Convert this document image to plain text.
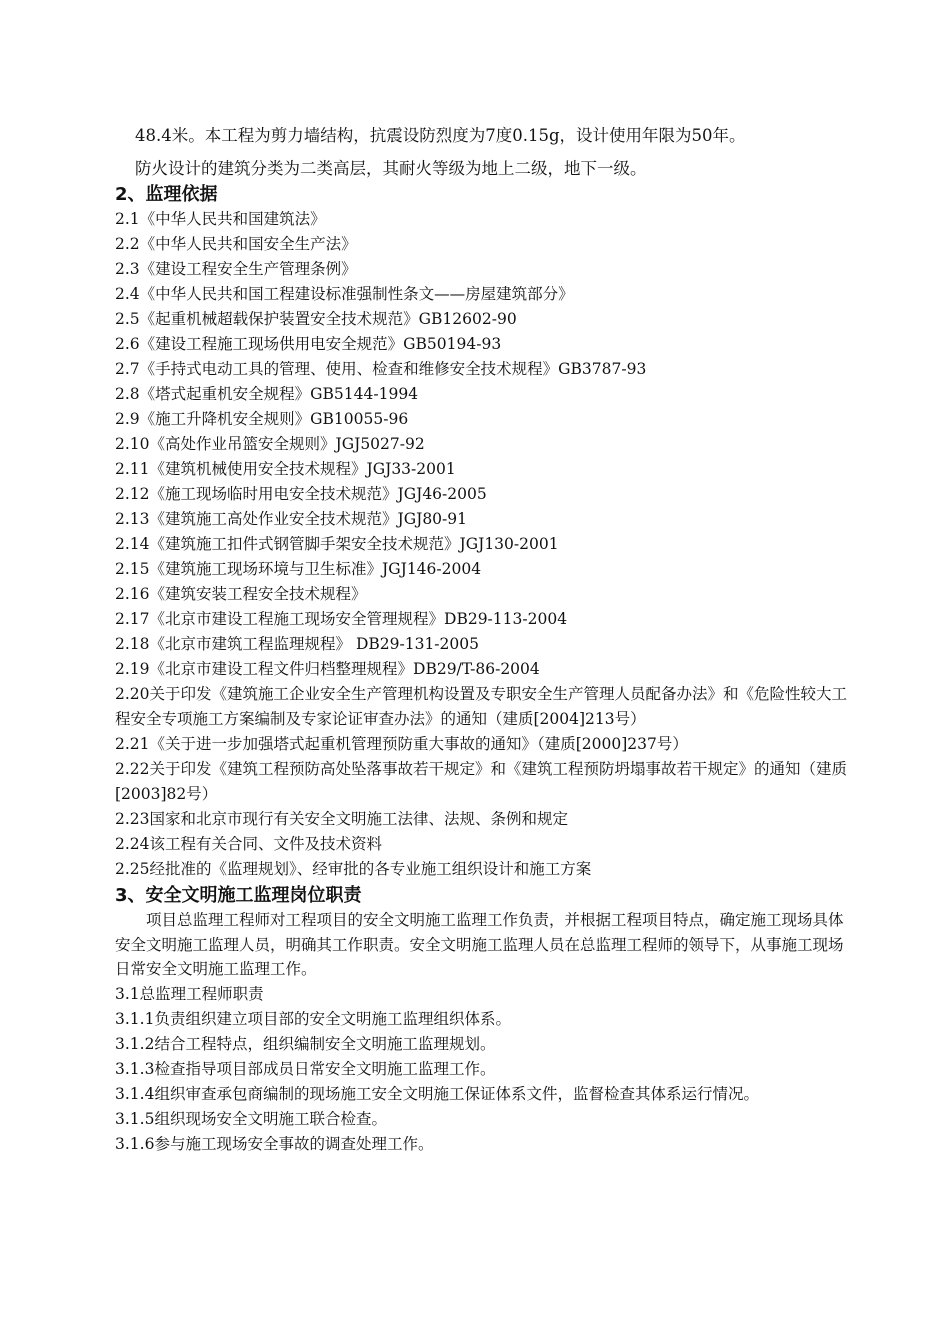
48.4米。本工程为剪力墙结构，抗震设防烈度为7度0.15g，设计使用年限为50年。

防火设计的建筑分类为二类高层，其耐火等级为地上二级，地下一级。

2、监理依据

2.1《中华人民共和国建筑法》

2.2《中华人民共和国安全生产法》

2.3《建设工程安全生产管理条例》

2.4《中华人民共和国工程建设标准强制性条文——房屋建筑部分》

2.5《起重机械超载保护装置安全技术规范》GB12602-90

2.6《建设工程施工现场供用电安全规范》GB50194-93

2.7《手持式电动工具的管理、使用、检查和维修安全技术规程》GB3787-93

2.8《塔式起重机安全规程》GB5144-1994

2.9《施工升降机安全规则》GB10055-96

2.10《高处作业吊篮安全规则》JGJ5027-92

2.11《建筑机械使用安全技术规程》JGJ33-2001

2.12《施工现场临时用电安全技术规范》JGJ46-2005

2.13《建筑施工高处作业安全技术规范》JGJ80-91

2.14《建筑施工扣件式钢管脚手架安全技术规范》JGJ130-2001

2.15《建筑施工现场环境与卫生标准》JGJ146-2004

2.16《建筑安装工程安全技术规程》

2.17《北京市建设工程施工现场安全管理规程》DB29-113-2004

2.18《北京市建筑工程监理规程》 DB29-131-2005

2.19《北京市建设工程文件归档整理规程》DB29/T-86-2004

2.20关于印发《建筑施工企业安全生产管理机构设置及专职安全生产管理人员配备办法》和《危险性较大工程安全专项施工方案编制及专家论证审查办法》的通知（建质[2004]213号）

2.21《关于进一步加强塔式起重机管理预防重大事故的通知》（建质[2000]237号）

2.22关于印发《建筑工程预防高处坠落事故若干规定》和《建筑工程预防坍塌事故若干规定》的通知（建质[2003]82号）

2.23国家和北京市现行有关安全文明施工法律、法规、条例和规定

2.24该工程有关合同、文件及技术资料

2.25经批准的《监理规划》、经审批的各专业施工组织设计和施工方案

3、安全文明施工监理岗位职责

项目总监理工程师对工程项目的安全文明施工监理工作负责，并根据工程项目特点，确定施工现场具体安全文明施工监理人员，明确其工作职责。安全文明施工监理人员在总监理工程师的领导下，从事施工现场日常安全文明施工监理工作。

3.1总监理工程师职责

3.1.1负责组织建立项目部的安全文明施工监理组织体系。

3.1.2结合工程特点，组织编制安全文明施工监理规划。

3.1.3检查指导项目部成员日常安全文明施工监理工作。

3.1.4组织审查承包商编制的现场施工安全文明施工保证体系文件，监督检查其体系运行情况。

3.1.5组织现场安全文明施工联合检查。

3.1.6参与施工现场安全事故的调查处理工作。
